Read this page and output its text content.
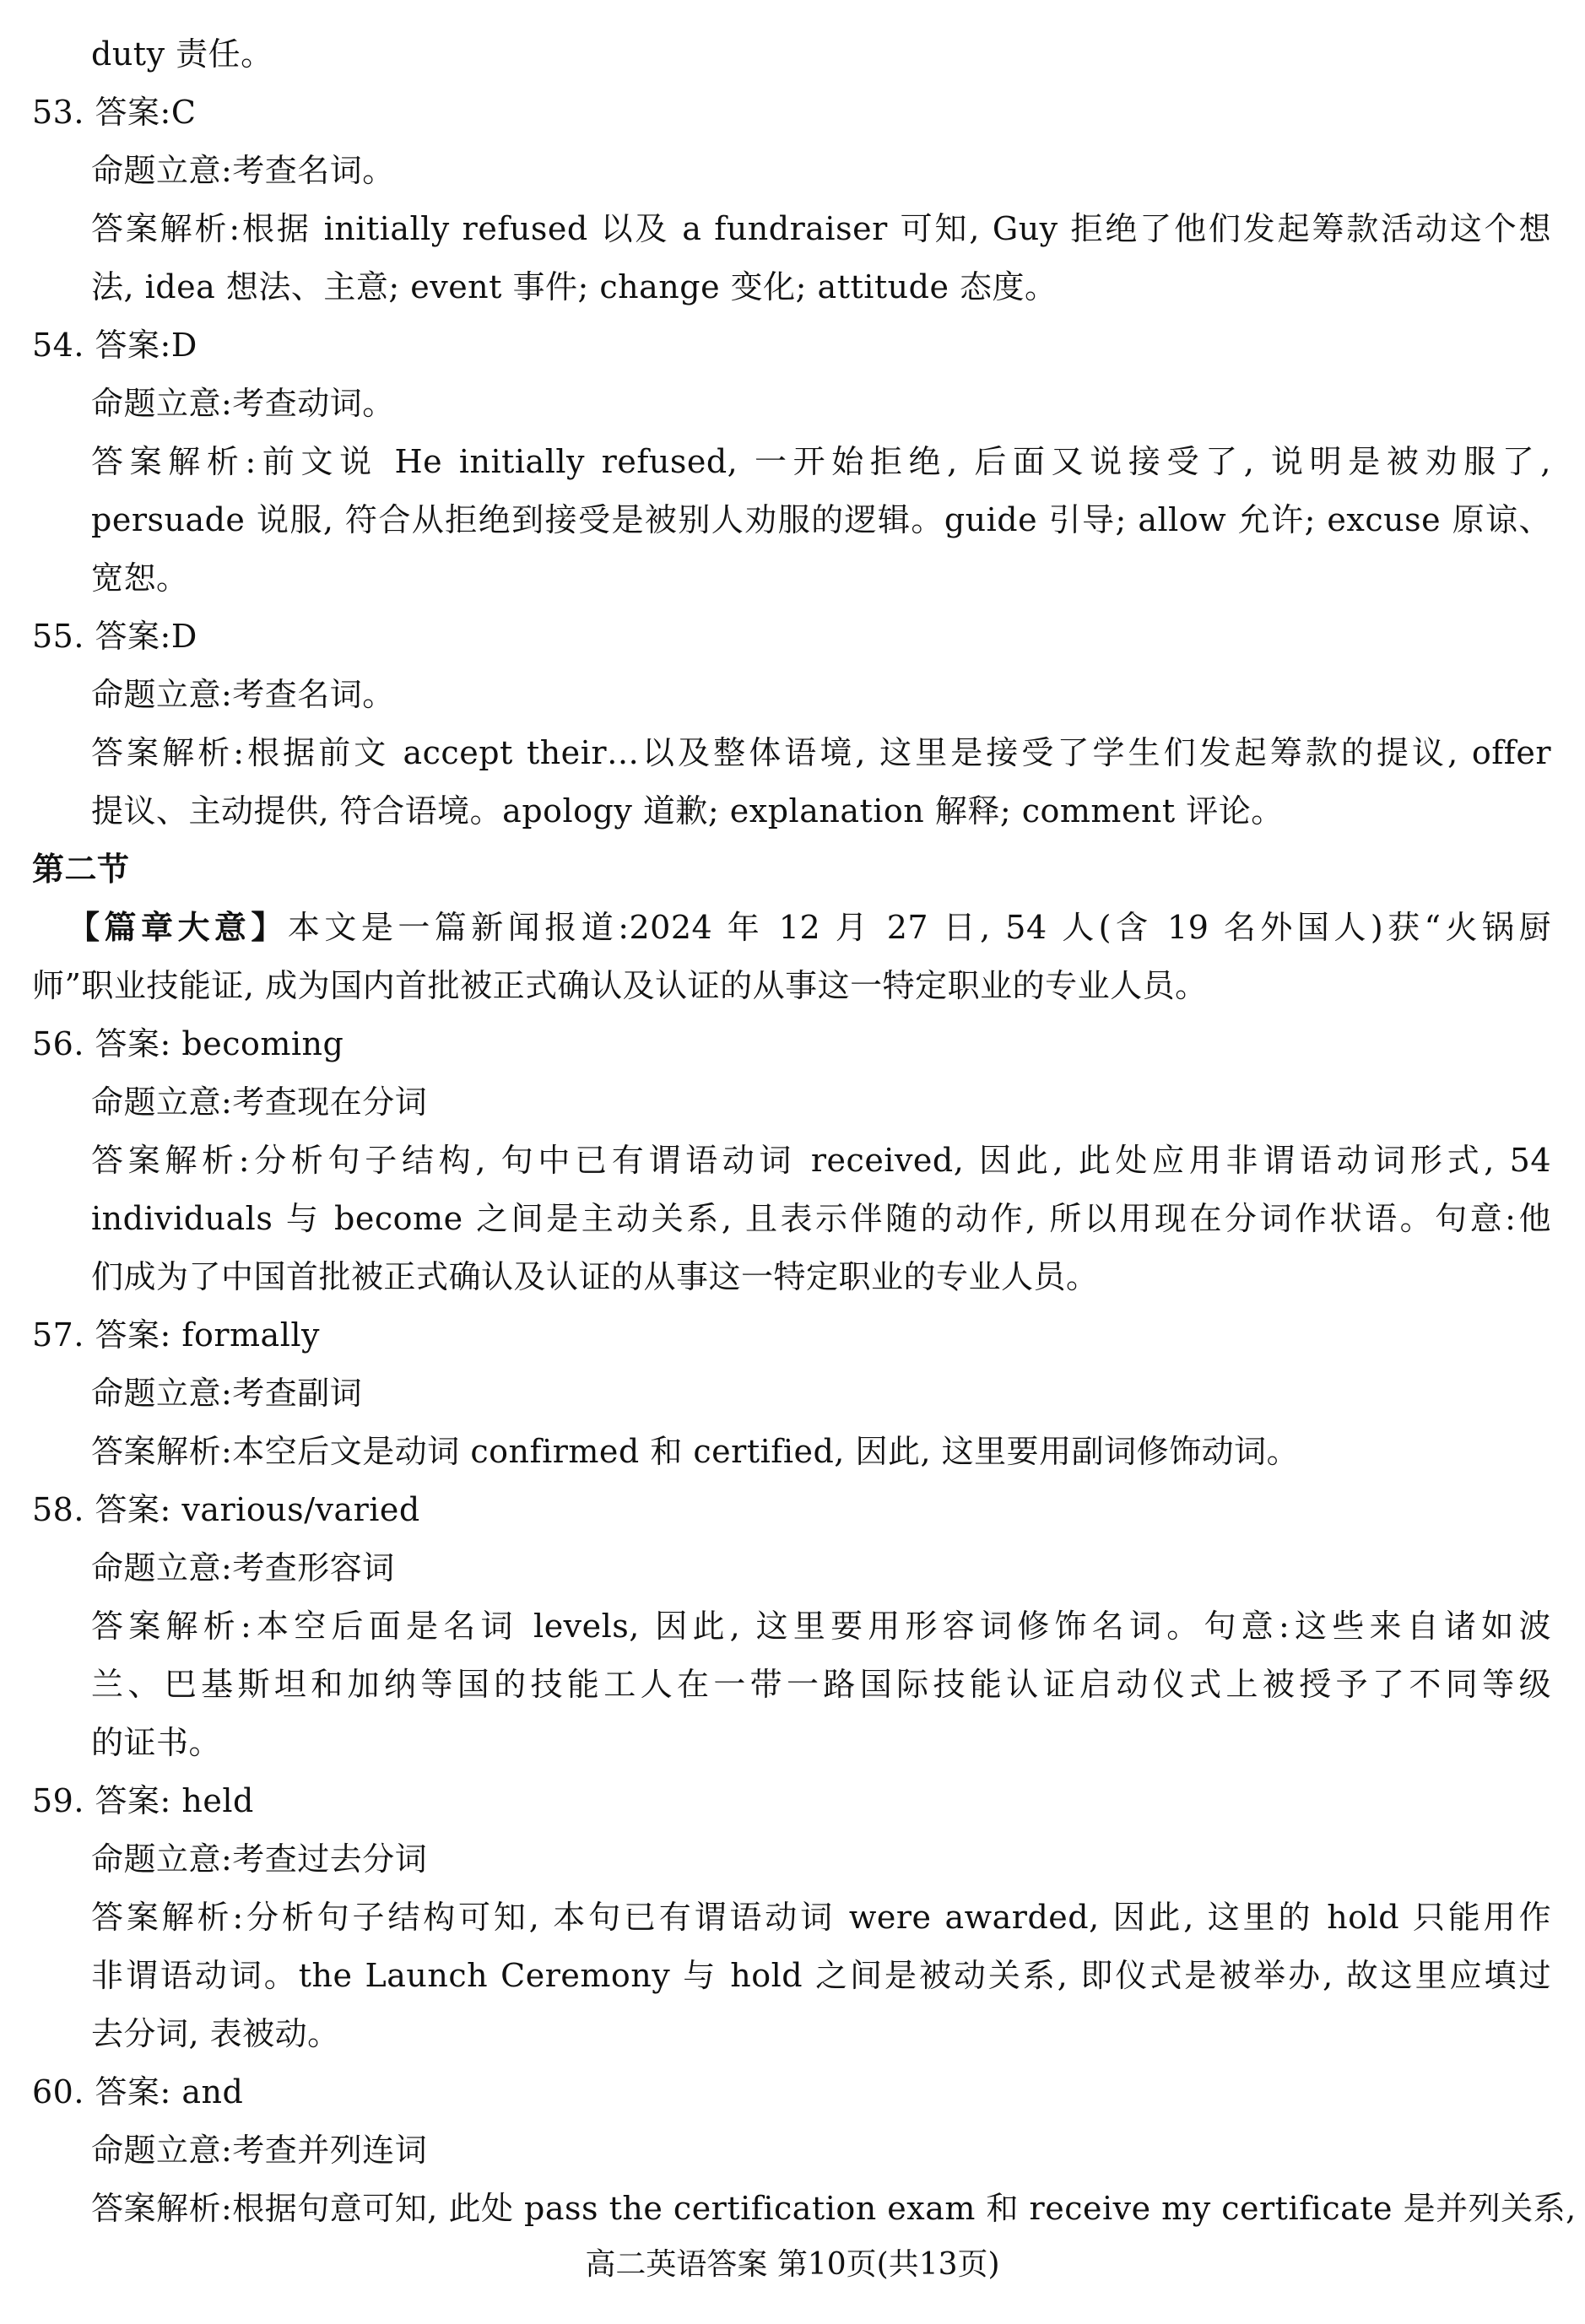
duty 责任。
53. 答案:C
命题立意:考查名词。
答案解析:根据 initially refused 以及 a fundraiser 可知, Guy 拒绝了他们发起筹款活动这个想
法, idea 想法、主意; event 事件; change 变化; attitude 态度。
54. 答案:D
命题立意:考查动词。
答案解析:前文说 He initially refused, 一开始拒绝, 后面又说接受了, 说明是被劝服了,
persuade 说服, 符合从拒绝到接受是被别人劝服的逻辑。guide 引导; allow 允许; excuse 原谅、
宽恕。
55. 答案:D
命题立意:考查名词。
答案解析:根据前文 accept their…以及整体语境, 这里是接受了学生们发起筹款的提议, offer
提议、主动提供, 符合语境。apology 道歉; explanation 解释; comment 评论。
第二节
【篇章大意】本文是一篇新闻报道:2024 年 12 月 27 日, 54 人(含 19 名外国人)获“火锅厨
师”职业技能证, 成为国内首批被正式确认及认证的从事这一特定职业的专业人员。
56. 答案: becoming
命题立意:考查现在分词
答案解析:分析句子结构, 句中已有谓语动词 received, 因此, 此处应用非谓语动词形式, 54
individuals 与 become 之间是主动关系, 且表示伴随的动作, 所以用现在分词作状语。句意:他
们成为了中国首批被正式确认及认证的从事这一特定职业的专业人员。
57. 答案: formally
命题立意:考查副词
答案解析:本空后文是动词 confirmed 和 certified, 因此, 这里要用副词修饰动词。
58. 答案: various/varied
命题立意:考查形容词
答案解析:本空后面是名词 levels, 因此, 这里要用形容词修饰名词。句意:这些来自诸如波
兰、巴基斯坦和加纳等国的技能工人在一带一路国际技能认证启动仪式上被授予了不同等级
的证书。
59. 答案: held
命题立意:考查过去分词
答案解析:分析句子结构可知, 本句已有谓语动词 were awarded, 因此, 这里的 hold 只能用作
非谓语动词。the Launch Ceremony 与 hold 之间是被动关系, 即仪式是被举办, 故这里应填过
去分词, 表被动。
60. 答案: and
命题立意:考查并列连词
答案解析:根据句意可知, 此处 pass the certification exam 和 receive my certificate 是并列关系,
高二英语答案 第10页(共13页)
